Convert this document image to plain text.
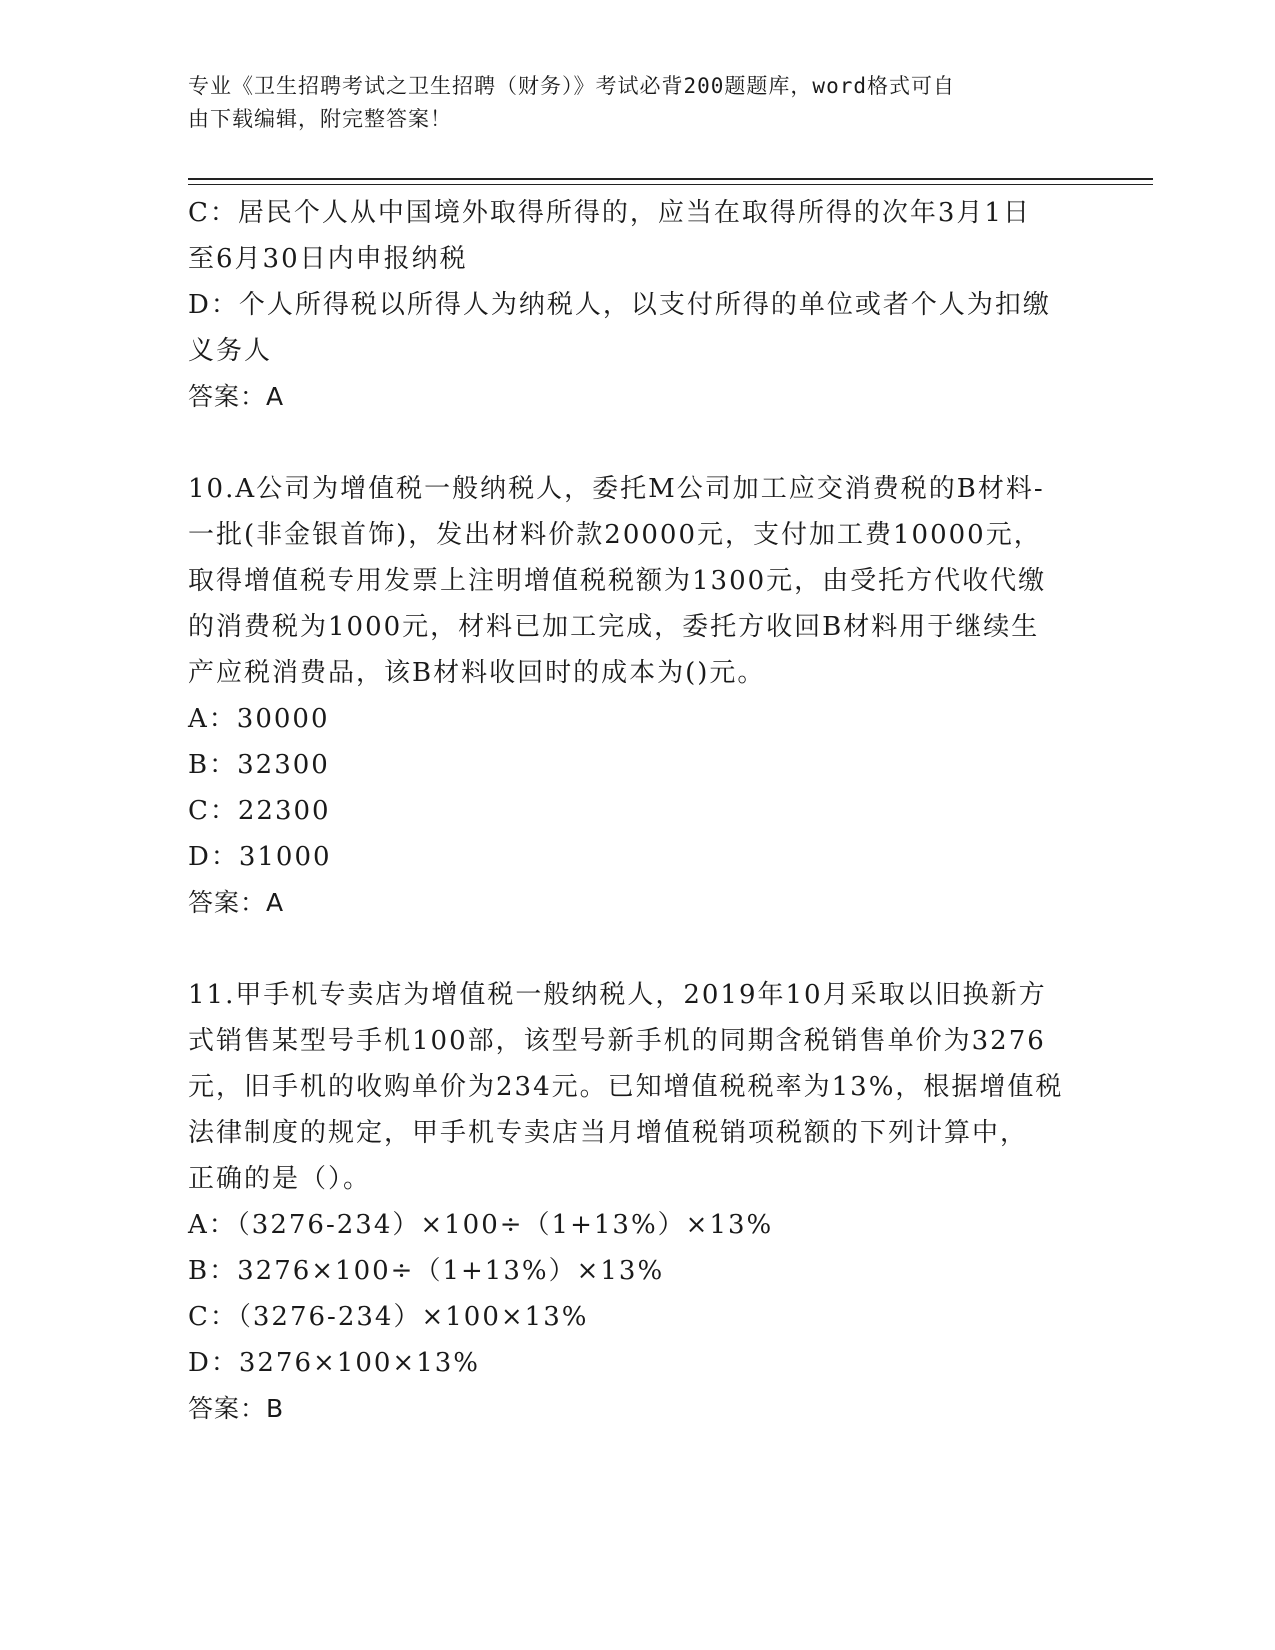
专业《卫生招聘考试之卫生招聘（财务）》考试必背200题题库，word格式可自
由下载编辑，附完整答案！
C：居民个人从中国境外取得所得的，应当在取得所得的次年3月1日
至6月30日内申报纳税
D：个人所得税以所得人为纳税人，以支付所得的单位或者个人为扣缴
义务人
答案：A
10.A公司为增值税一般纳税人，委托M公司加工应交消费税的B材料-
一批(非金银首饰)，发出材料价款20000元，支付加工费10000元，
取得增值税专用发票上注明增值税税额为1300元，由受托方代收代缴
的消费税为1000元，材料已加工完成，委托方收回B材料用于继续生
产应税消费品，该B材料收回时的成本为()元。
A：30000
B：32300
C：22300
D：31000
答案：A
11.甲手机专卖店为增值税一般纳税人，2019年10月采取以旧换新方
式销售某型号手机100部，该型号新手机的同期含税销售单价为3276
元，旧手机的收购单价为234元。已知增值税税率为13%，根据增值税
法律制度的规定，甲手机专卖店当月增值税销项税额的下列计算中，
正确的是（）。
A：（3276-234）×100÷（1+13%）×13%
B：3276×100÷（1+13%）×13%
C：（3276-234）×100×13%
D：3276×100×13%
答案：B
